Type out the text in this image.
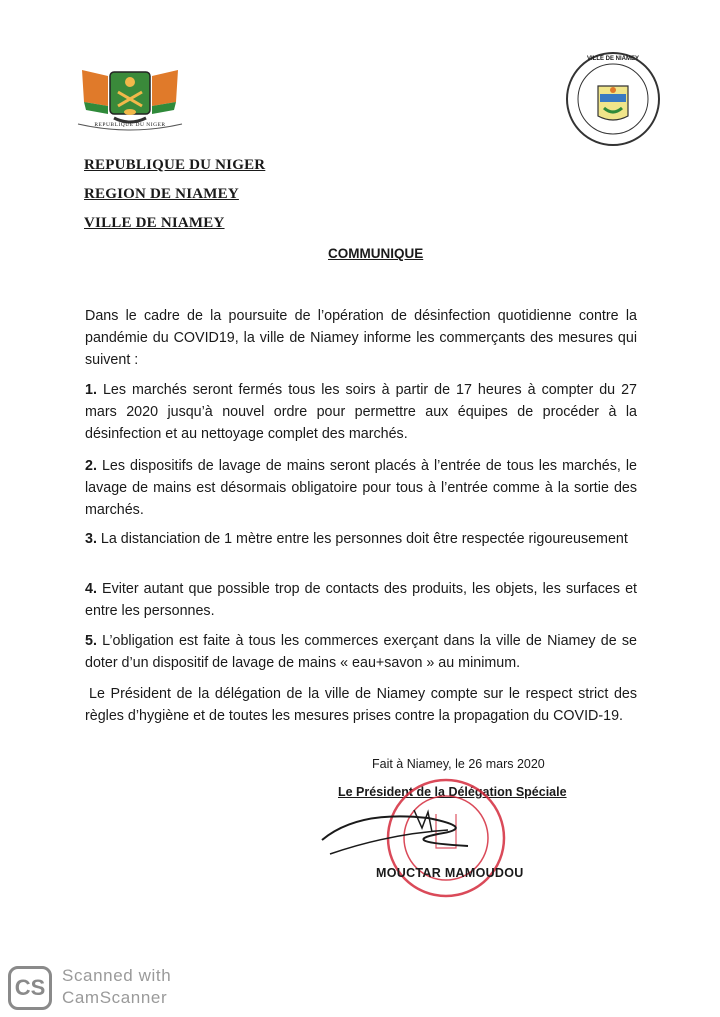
REPUBLIQUE DU NIGER
VILLE DE NIAMEY
REPUBLIQUE DU NIGER
REGION DE NIAMEY
VILLE DE NIAMEY
COMMUNIQUE
Dans le cadre de la poursuite de l’opération de désinfection quotidienne contre la pandémie du COVID19, la ville de Niamey informe les commerçants des mesures qui suivent :
1. Les marchés seront fermés tous les soirs à partir de 17 heures à compter du 27 mars 2020 jusqu’à nouvel ordre pour permettre aux équipes de procéder à la désinfection et au nettoyage complet des marchés.
2. Les dispositifs de lavage de mains seront placés à l’entrée de tous les marchés, le lavage de mains est désormais obligatoire pour tous à l’entrée comme à la sortie des marchés.
3. La distanciation de 1 mètre entre les personnes doit être respectée rigoureusement
4. Eviter autant que possible trop de contacts des produits, les objets, les surfaces et entre les personnes.
5. L’obligation est faite à tous les commerces exerçant dans la ville de Niamey de se doter d’un dispositif de lavage de mains « eau+savon » au minimum.
Le Président de la délégation de la ville de Niamey compte sur le respect strict des règles d’hygiène et de toutes les mesures prises contre la propagation du COVID-19.
Fait à Niamey, le 26 mars 2020
Le Président de la Délégation Spéciale
MOUCTAR MAMOUDOU
CS Scanned with
CamScanner
